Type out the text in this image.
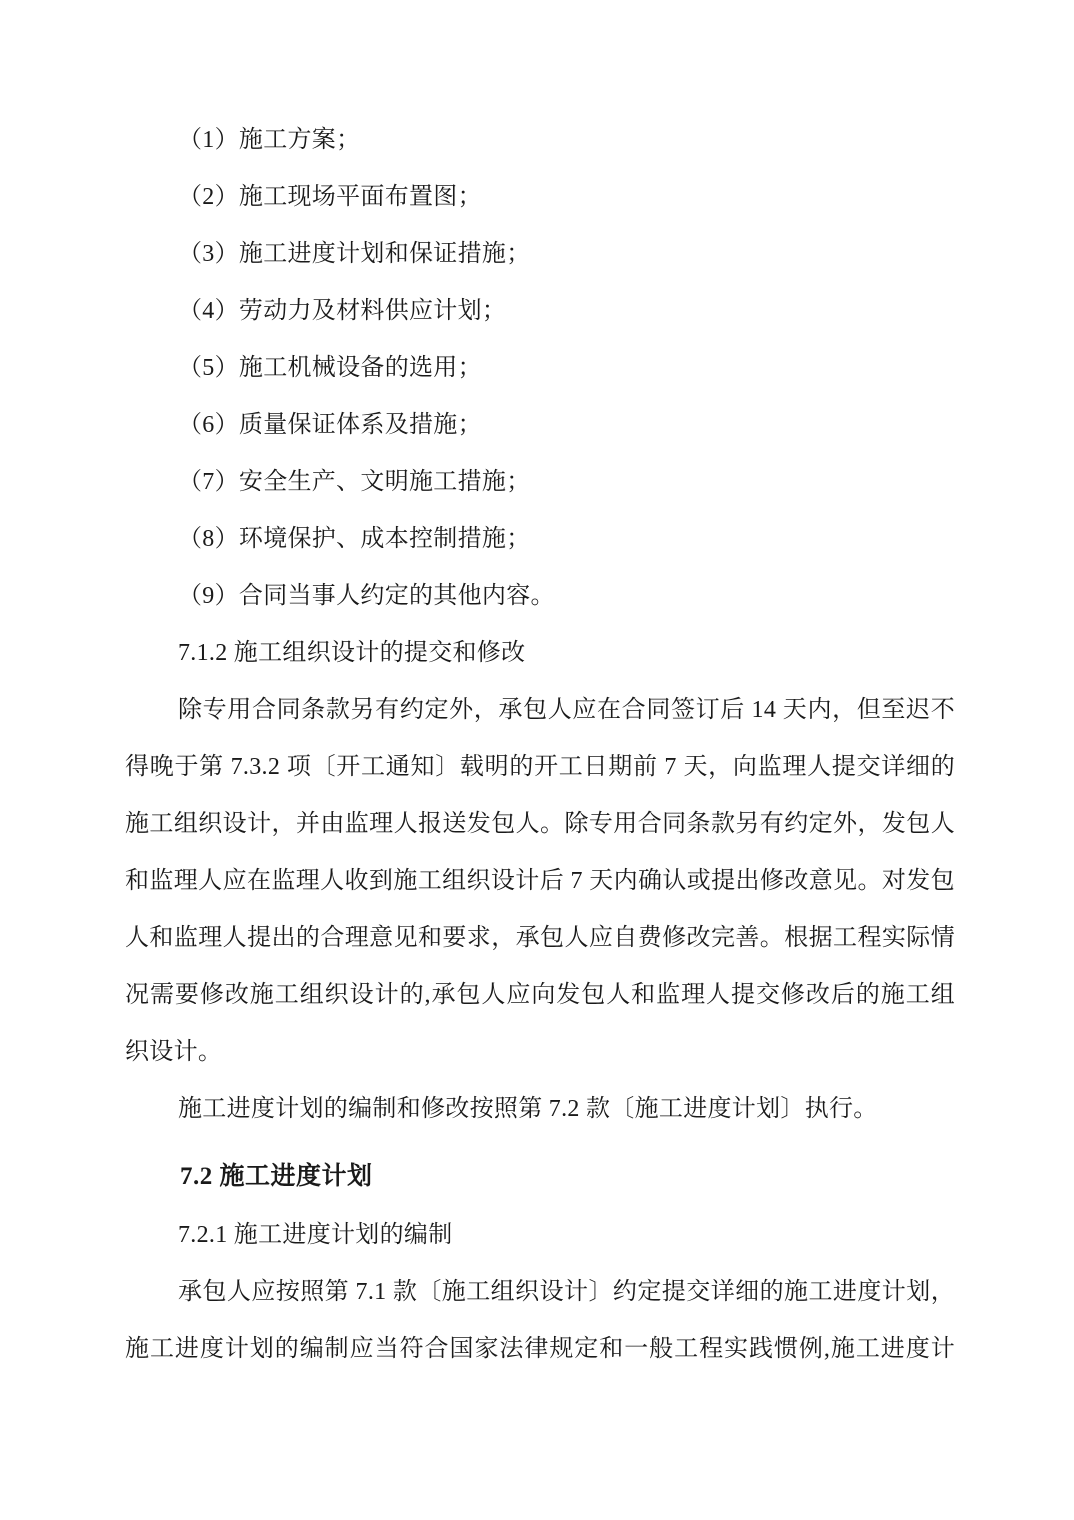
（1）施工方案；
（2）施工现场平面布置图；
（3）施工进度计划和保证措施；
（4）劳动力及材料供应计划；
（5）施工机械设备的选用；
（6）质量保证体系及措施；
（7）安全生产、文明施工措施；
（8）环境保护、成本控制措施；
（9）合同当事人约定的其他内容。
7.1.2 施工组织设计的提交和修改
除专用合同条款另有约定外，承包人应在合同签订后 14 天内，但至迟不
得晚于第 7.3.2 项〔开工通知〕载明的开工日期前 7 天，向监理人提交详细的
施工组织设计，并由监理人报送发包人。除专用合同条款另有约定外，发包人
和监理人应在监理人收到施工组织设计后 7 天内确认或提出修改意见。对发包
人和监理人提出的合理意见和要求，承包人应自费修改完善。根据工程实际情
况需要修改施工组织设计的,承包人应向发包人和监理人提交修改后的施工组
织设计。
施工进度计划的编制和修改按照第 7.2 款〔施工进度计划〕执行。
7.2 施工进度计划
7.2.1 施工进度计划的编制
承包人应按照第 7.1 款〔施工组织设计〕约定提交详细的施工进度计划，
施工进度计划的编制应当符合国家法律规定和一般工程实践惯例,施工进度计
